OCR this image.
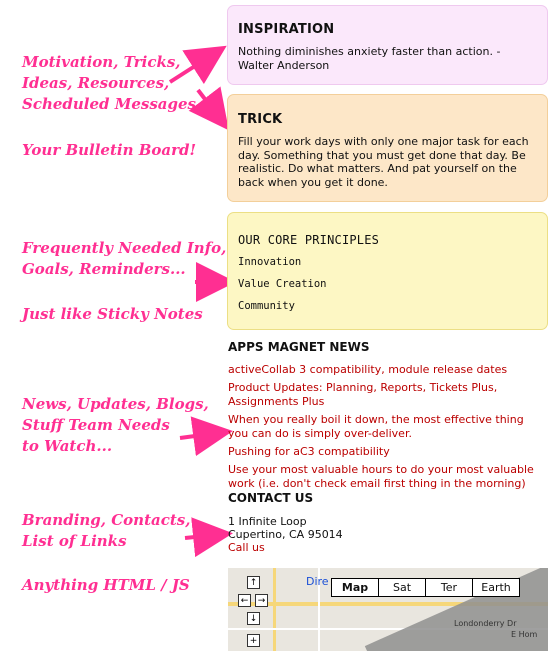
Motivation, Tricks,
Ideas, Resources,
Scheduled Messages
Your Bulletin Board!
Frequently Needed Info,
Goals, Reminders...
Just like Sticky Notes
News, Updates, Blogs,
Stuff Team Needs
to Watch...
Branding, Contacts,
List of Links
Anything HTML / JS
INSPIRATION

Nothing diminishes anxiety faster than action. - Walter Anderson

TRICK

Fill your work days with only one major task for each day. Something that you must get done that day. Be realistic. Do what matters. And pat yourself on the back when you get it done.

OUR CORE PRINCIPLES
Innovation
Value Creation
Community
APPS MAGNET NEWS
activeCollab 3 compatibility, module release dates
Product Updates: Planning, Reports, Tickets Plus, Assignments Plus
When you really boil it down, the most effective thing you can do is simply over-deliver.
Pushing for aC3 compatibility
Use your most valuable hours to do your most valuable work (i.e. don't check email first thing in the morning)
CONTACT US
1 Infinite Loop
Cupertino, CA 95014
Call us
Londonderry Dr
E Hom
Dire
↑
←	→
↓
+
Map	Sat	Ter	Earth
